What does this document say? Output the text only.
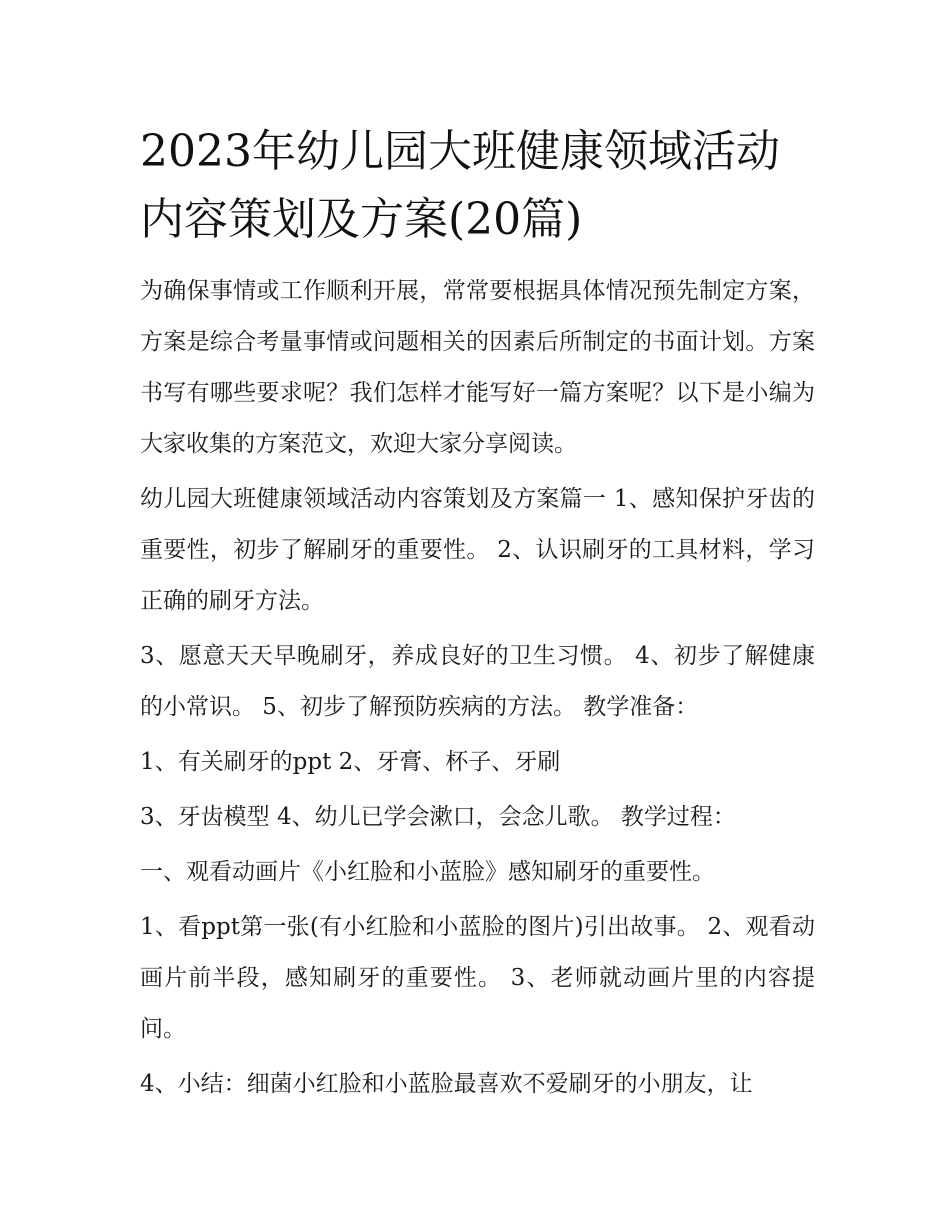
2023年幼儿园大班健康领域活动内容策划及方案(20篇)

为确保事情或工作顺利开展，常常要根据具体情况预先制定方案，方案是综合考量事情或问题相关的因素后所制定的书面计划。方案书写有哪些要求呢？我们怎样才能写好一篇方案呢？以下是小编为大家收集的方案范文，欢迎大家分享阅读。

幼儿园大班健康领域活动内容策划及方案篇一 1、感知保护牙齿的重要性，初步了解刷牙的重要性。 2、认识刷牙的工具材料，学习正确的刷牙方法。

3、愿意天天早晚刷牙，养成良好的卫生习惯。 4、初步了解健康的小常识。 5、初步了解预防疾病的方法。 教学准备：

1、有关刷牙的ppt 2、牙膏、杯子、牙刷

3、牙齿模型 4、幼儿已学会漱口，会念儿歌。 教学过程：

一、观看动画片《小红脸和小蓝脸》感知刷牙的重要性。

1、看ppt第一张(有小红脸和小蓝脸的图片)引出故事。 2、观看动画片前半段，感知刷牙的重要性。 3、老师就动画片里的内容提问。

4、小结：细菌小红脸和小蓝脸最喜欢不爱刷牙的小朋友，让
